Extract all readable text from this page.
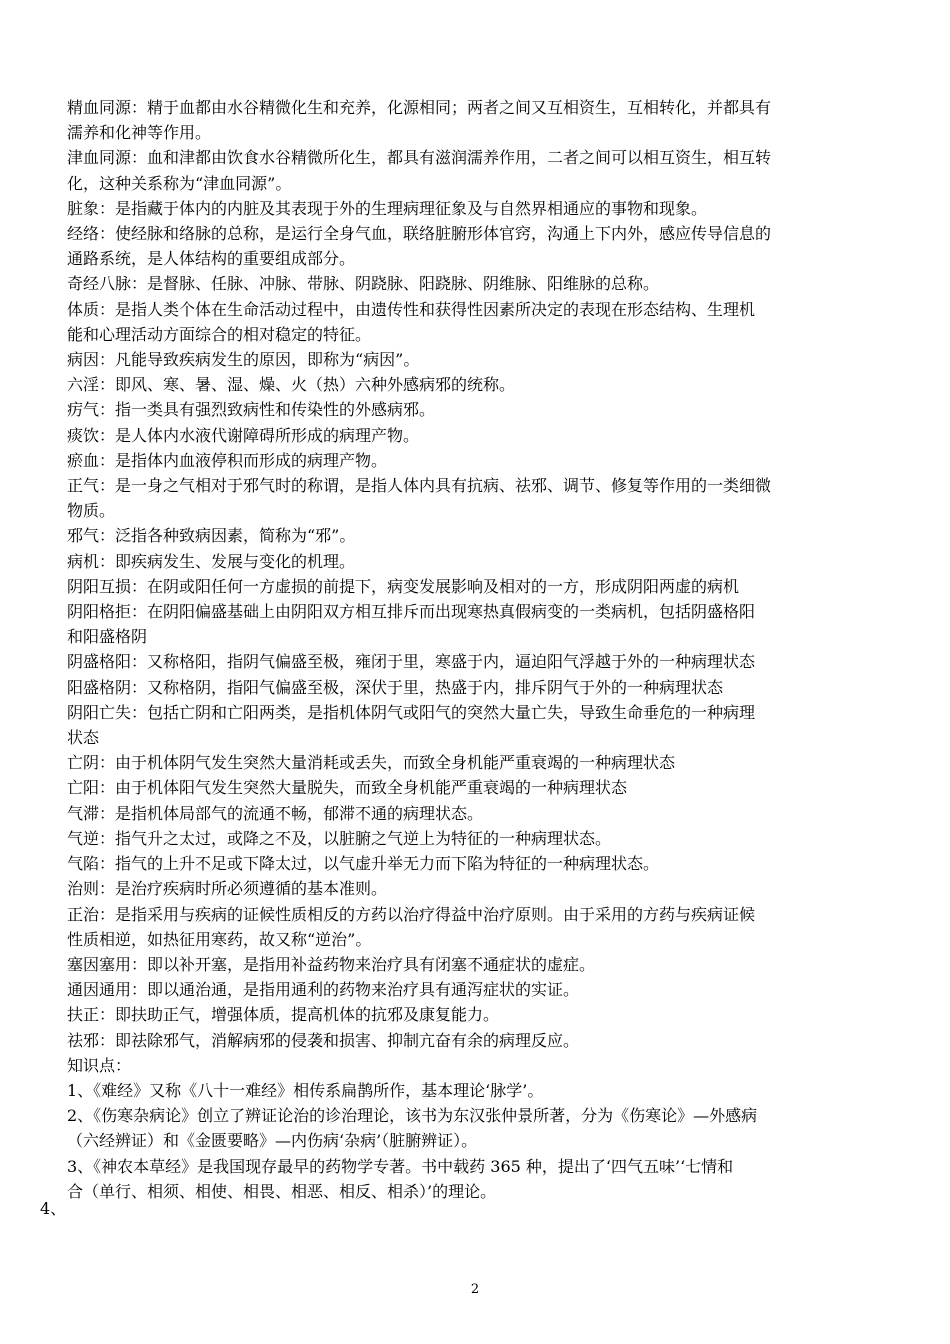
精血同源：精于血都由水谷精微化生和充养，化源相同；两者之间又互相资生，互相转化，并都具有
濡养和化神等作用。
津血同源：血和津都由饮食水谷精微所化生，都具有滋润濡养作用，二者之间可以相互资生，相互转
化，这种关系称为“津血同源”。
脏象：是指藏于体内的内脏及其表现于外的生理病理征象及与自然界相通应的事物和现象。
经络：使经脉和络脉的总称，是运行全身气血，联络脏腑形体官窍，沟通上下内外，感应传导信息的
通路系统，是人体结构的重要组成部分。
奇经八脉：是督脉、任脉、冲脉、带脉、阴跷脉、阳跷脉、阴维脉、阳维脉的总称。
体质：是指人类个体在生命活动过程中，由遗传性和获得性因素所决定的表现在形态结构、生理机
能和心理活动方面综合的相对稳定的特征。
病因：凡能导致疾病发生的原因，即称为“病因”。
六淫：即风、寒、暑、湿、燥、火（热）六种外感病邪的统称。
疠气：指一类具有强烈致病性和传染性的外感病邪。
痰饮：是人体内水液代谢障碍所形成的病理产物。
瘀血：是指体内血液停积而形成的病理产物。
正气：是一身之气相对于邪气时的称谓，是指人体内具有抗病、祛邪、调节、修复等作用的一类细微
物质。
邪气：泛指各种致病因素，简称为“邪”。
病机：即疾病发生、发展与变化的机理。
阴阳互损：在阴或阳任何一方虚损的前提下，病变发展影响及相对的一方，形成阴阳两虚的病机
阴阳格拒：在阴阳偏盛基础上由阴阳双方相互排斥而出现寒热真假病变的一类病机，包括阴盛格阳
和阳盛格阴
阴盛格阳：又称格阳，指阴气偏盛至极，雍闭于里，寒盛于内，逼迫阳气浮越于外的一种病理状态
阳盛格阴：又称格阴，指阳气偏盛至极，深伏于里，热盛于内，排斥阴气于外的一种病理状态
阴阳亡失：包括亡阴和亡阳两类，是指机体阴气或阳气的突然大量亡失，导致生命垂危的一种病理
状态
亡阴：由于机体阴气发生突然大量消耗或丢失，而致全身机能严重衰竭的一种病理状态
亡阳：由于机体阳气发生突然大量脱失，而致全身机能严重衰竭的一种病理状态
气滞：是指机体局部气的流通不畅，郁滞不通的病理状态。
气逆：指气升之太过，或降之不及，以脏腑之气逆上为特征的一种病理状态。
气陷：指气的上升不足或下降太过，以气虚升举无力而下陷为特征的一种病理状态。
治则：是治疗疾病时所必须遵循的基本准则。
正治：是指采用与疾病的证候性质相反的方药以治疗得益中治疗原则。由于采用的方药与疾病证候
性质相逆，如热征用寒药，故又称“逆治”。
塞因塞用：即以补开塞，是指用补益药物来治疗具有闭塞不通症状的虚症。
通因通用：即以通治通，是指用通利的药物来治疗具有通泻症状的实证。
扶正：即扶助正气，增强体质，提高机体的抗邪及康复能力。
祛邪：即祛除邪气，消解病邪的侵袭和损害、抑制亢奋有余的病理反应。
知识点：
1、《难经》又称《八十一难经》相传系扁鹊所作，基本理论‘脉学’。
2、《伤寒杂病论》创立了辨证论治的诊治理论，该书为东汉张仲景所著，分为《伤寒论》—外感病
（六经辨证）和《金匮要略》—内伤病‘杂病’（脏腑辨证）。
3、《神农本草经》是我国现存最早的药物学专著。书中载药 365 种，提出了‘四气五味’‘七情和
合（单行、相须、相使、相畏、相恶、相反、相杀）’的理论。
4、
2
